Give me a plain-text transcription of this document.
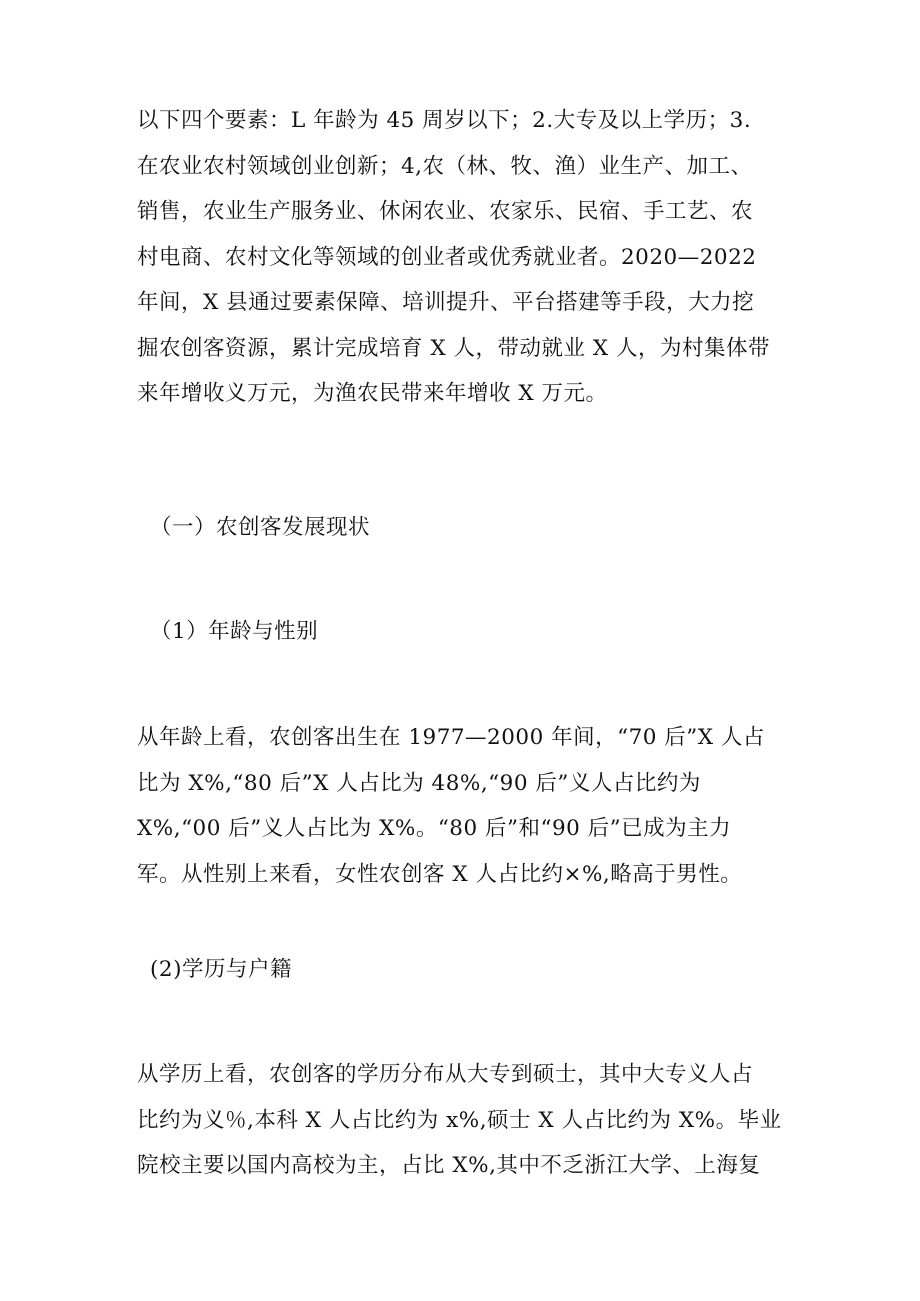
以下四个要素：L 年龄为 45 周岁以下；2.大专及以上学历；3.
在农业农村领域创业创新；4,农（林、牧、渔）业生产、加工、
销售，农业生产服务业、休闲农业、农家乐、民宿、手工艺、农
村电商、农村文化等领域的创业者或优秀就业者。2020—2022
年间，X 县通过要素保障、培训提升、平台搭建等手段，大力挖
掘农创客资源，累计完成培育 X 人，带动就业 X 人，为村集体带
来年增收义万元，为渔农民带来年增收 X 万元。
（一）农创客发展现状
（1）年龄与性别
从年龄上看，农创客出生在 1977—2000 年间，“70 后”X 人占
比为 X%,“80 后”X 人占比为 48%,“90 后”义人占比约为
X%,“00 后”义人占比为 X%。“80 后”和“90 后”已成为主力
军。从性别上来看，女性农创客 X 人占比约×%,略高于男性。
(2)学历与户籍
从学历上看，农创客的学历分布从大专到硕士，其中大专义人占
比约为义％,本科 X 人占比约为 x%,硕士 X 人占比约为 X%。毕业
院校主要以国内高校为主，占比 X%,其中不乏浙江大学、上海复
